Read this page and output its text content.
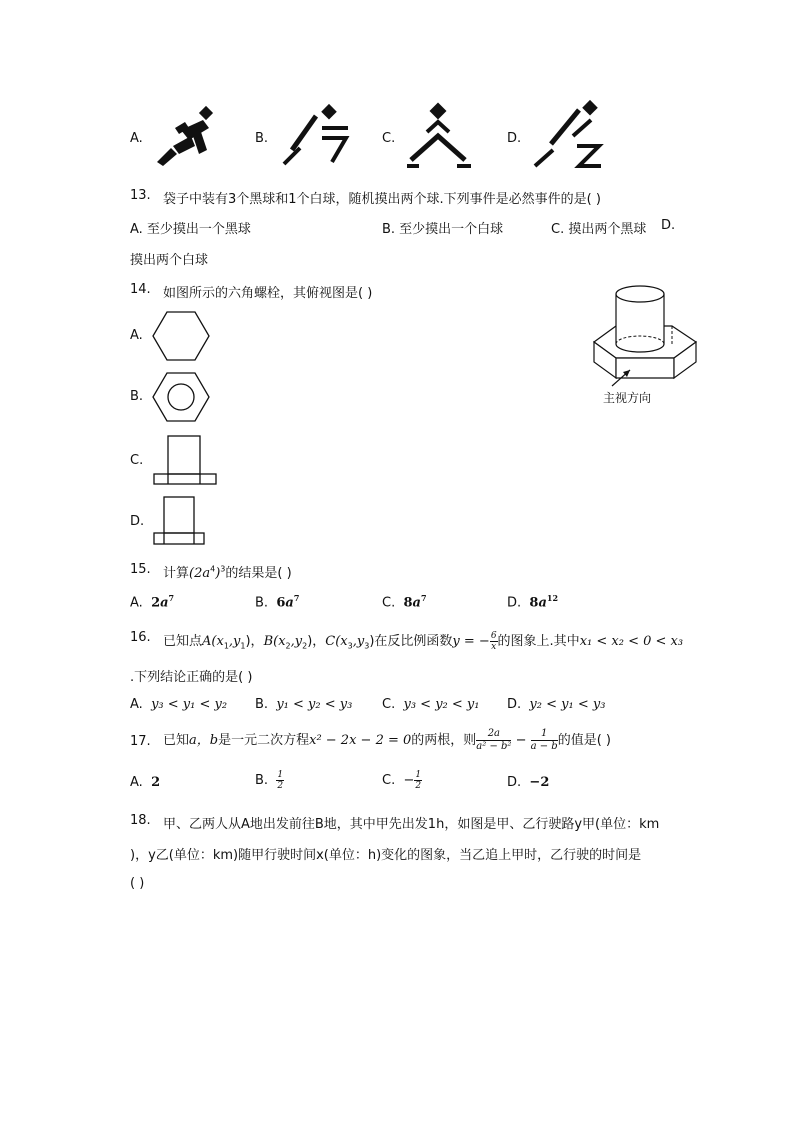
A.	B.	C.	D.
13. 袋子中装有3个黑球和1个白球，随机摸出两个球.下列事件是必然事件的是( )
A. 至少摸出一个黑球	B. 至少摸出一个白球	C. 摸出两个黑球 D.
摸出两个白球
14. 如图所示的六角螺栓，其俯视图是( )
A.
B.
C.
D.
主视方向
15. 计算$(2a^4)^3$的结果是( )
A. $2a^7$	B. $6a^7$	C. $8a^7$	D. $8a^{12}$
16. 已知点$A(x_1,y_1)$，$B(x_2,y_2)$，$C(x_3,y_3)$在反比例函数y = − $\frac{6}{x}$ 的图象上.其中x₁ < x₂ < 0 < x₃
.下列结论正确的是( )
A. y₃ < y₁ < y₂ B. y₁ < y₂ < y₃ C. y₃ < y₂ < y₁ D. y₂ < y₁ < y₃
17. 已知a，b是一元二次方程x² − 2x − 2 = 0的两根，则 $\frac{2a}{\text{a² − b²}} - \frac{1}{a - b}$ 的值是( )
A. 2	B. $\frac{1}{2}$	C. − $\frac{1}{2}$	D. −2
18. 甲、乙两人从A地出发前往B地，其中甲先出发1h，如图是甲、乙行驶路y甲(单位：km
)，y乙(单位：km)随甲行驶时间x(单位：h)变化的图象，当乙追上甲时，乙行驶的时间是
( )
